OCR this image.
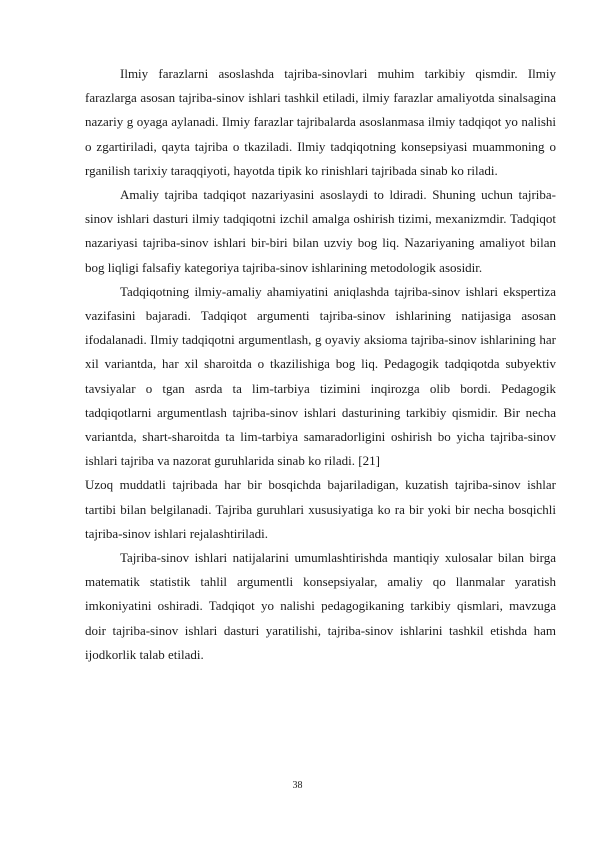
Ilmiy farazlarni asoslashda tajriba-sinovlari muhim tarkibiy qismdir. Ilmiy farazlarga asosan tajriba-sinov ishlari tashkil etiladi, ilmiy farazlar amaliyotda sinalsagina nazariy g oyaga aylanadi. Ilmiy farazlar tajribalarda asoslanmasa ilmiy tadqiqot yo nalishi o zgartiriladi, qayta tajriba o tkaziladi. Ilmiy tadqiqotning konsepsiyasi muammoning o rganilish tarixiy taraqqiyoti, hayotda tipik ko rinishlari tajribada sinab ko riladi.

Amaliy tajriba tadqiqot nazariyasini asoslaydi to ldiradi. Shuning uchun tajriba-sinov ishlari dasturi ilmiy tadqiqotni izchil amalga oshirish tizimi, mexanizmdir. Tadqiqot nazariyasi tajriba-sinov ishlari bir-biri bilan uzviy bog liq. Nazariyaning amaliyot bilan bog liqligi falsafiy kategoriya tajriba-sinov ishlarining metodologik asosidir.

Tadqiqotning ilmiy-amaliy ahamiyatini aniqlashda tajriba-sinov ishlari ekspertiza vazifasini bajaradi. Tadqiqot argumenti tajriba-sinov ishlarining natijasiga asosan ifodalanadi. Ilmiy tadqiqotni argumentlash, g oyaviy aksioma tajriba-sinov ishlarining har xil variantda, har xil sharoitda o tkazilishiga bog liq. Pedagogik tadqiqotda subyektiv tavsiyalar o tgan asrda ta lim-tarbiya tizimini inqirozga olib bordi. Pedagogik tadqiqotlarni argumentlash tajriba-sinov ishlari dasturining tarkibiy qismidir. Bir necha variantda, shart-sharoitda ta lim-tarbiya samaradorligini oshirish bo yicha tajriba-sinov ishlari tajriba va nazorat guruhlarida sinab ko riladi. [21]

Uzoq muddatli tajribada har bir bosqichda bajariladigan, kuzatish tajriba-sinov ishlar tartibi bilan belgilanadi. Tajriba guruhlari xususiyatiga ko ra bir yoki bir necha bosqichli tajriba-sinov ishlari rejalashtiriladi.

Tajriba-sinov ishlari natijalarini umumlashtirishda mantiqiy xulosalar bilan birga matematik statistik tahlil argumentli konsepsiyalar, amaliy qo llanmalar yaratish imkoniyatini oshiradi. Tadqiqot yo nalishi pedagogikaning tarkibiy qismlari, mavzuga doir tajriba-sinov ishlari dasturi yaratilishi, tajriba-sinov ishlarini tashkil etishda ham ijodkorlik talab etiladi.

38
